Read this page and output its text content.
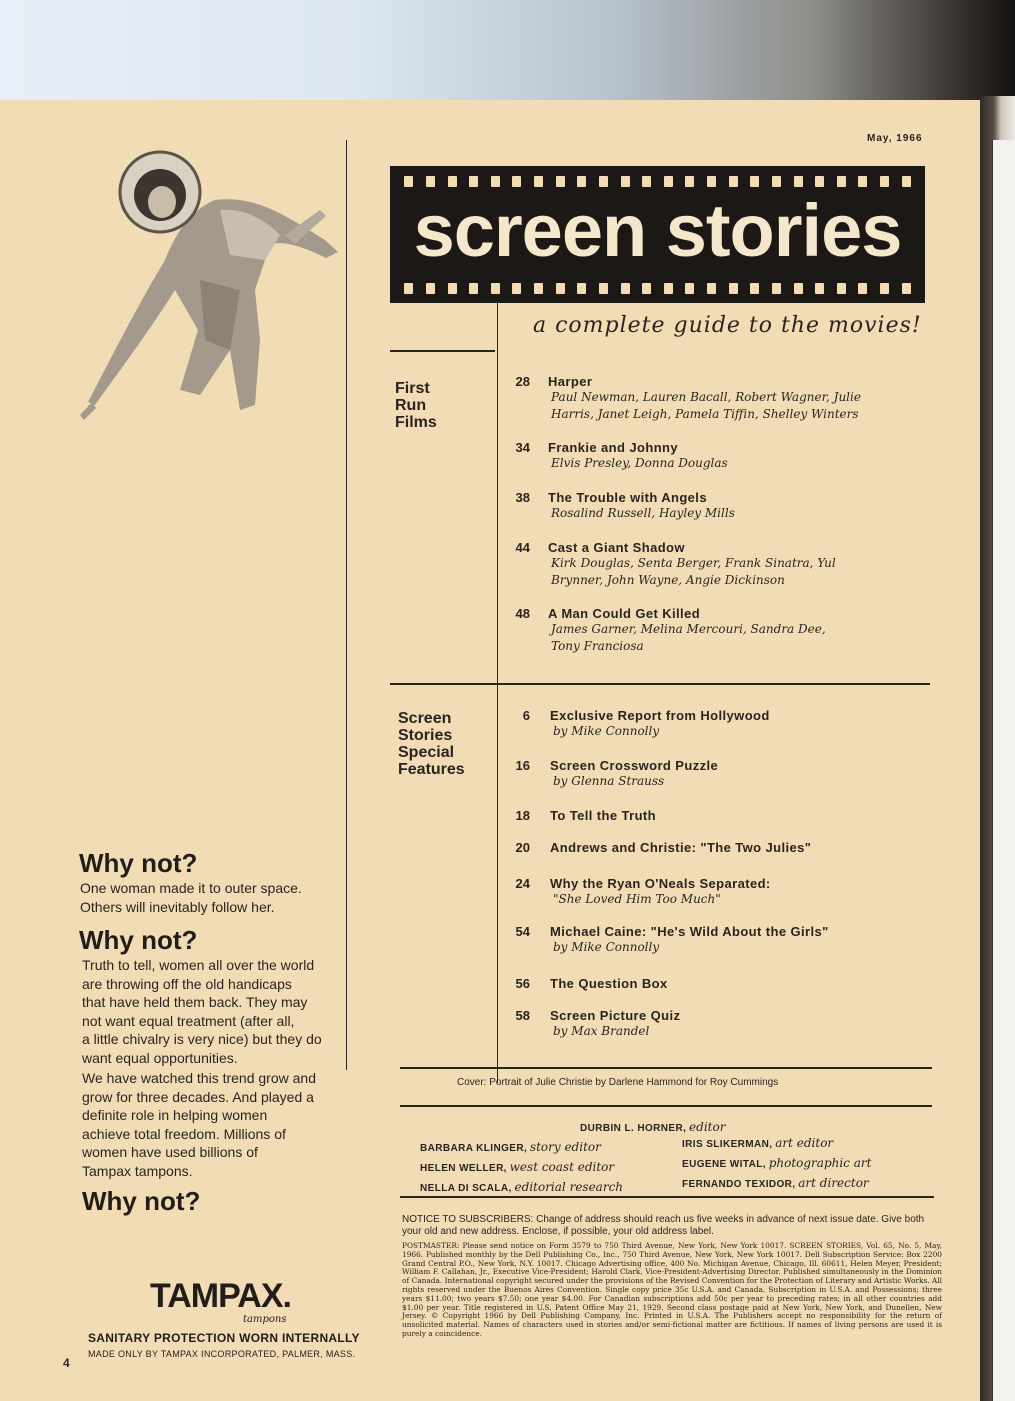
May, 1966
screen stories
a complete guide to the movies!
First
Run
Films
28 Harper
Paul Newman, Lauren Bacall, Robert Wagner, Julie
Harris, Janet Leigh, Pamela Tiffin, Shelley Winters
34 Frankie and Johnny
Elvis Presley, Donna Douglas
38 The Trouble with Angels
Rosalind Russell, Hayley Mills
44 Cast a Giant Shadow
Kirk Douglas, Senta Berger, Frank Sinatra, Yul
Brynner, John Wayne, Angie Dickinson
48 A Man Could Get Killed
James Garner, Melina Mercouri, Sandra Dee,
Tony Franciosa
Screen
Stories
Special
Features
6 Exclusive Report from Hollywood
by Mike Connolly
16 Screen Crossword Puzzle
by Glenna Strauss
18 To Tell the Truth
20 Andrews and Christie: "The Two Julies"
24 Why the Ryan O'Neals Separated:
"She Loved Him Too Much"
54 Michael Caine: "He's Wild About the Girls"
by Mike Connolly
56 The Question Box
58 Screen Picture Quiz
by Max Brandel
Cover: Portrait of Julie Christie by Darlene Hammond for Roy Cummings
DURBIN L. HORNER, editor
BARBARA KLINGER, story editor
HELEN WELLER, west coast editor
NELLA DI SCALA, editorial research
IRIS SLIKERMAN, art editor
EUGENE WITAL, photographic art
FERNANDO TEXIDOR, art director
NOTICE TO SUBSCRIBERS: Change of address should reach us five weeks in advance of next issue date. Give both your old and new address. Enclose, if possible, your old address label.
POSTMASTER: Please send notice on Form 3579 to 750 Third Avenue, New York, New York 10017. SCREEN STORIES, Vol. 65, No. 5, May, 1966. Published monthly by the Dell Publishing Co., Inc., 750 Third Avenue, New York, New York 10017. Dell Subscription Service: Box 2200 Grand Central P.O., New York, N.Y. 10017. Chicago Advertising office, 400 No. Michigan Avenue, Chicago, Ill. 60611, Helen Meyer, President; William F. Callahan, Jr., Executive Vice-President; Harold Clark, Vice-President-Advertising Director. Published simultaneously in the Dominion of Canada. International copyright secured under the provisions of the Revised Convention for the Protection of Literary and Artistic Works. All rights reserved under the Buenos Aires Convention. Single copy price 35c U.S.A. and Canada. Subscription in U.S.A. and Possessions; three years $11.00; two years $7.50; one year $4.00. For Canadian subscriptions add 50c per year to preceding rates; in all other countries add $1.00 per year. Title registered in U.S. Patent Office May 21, 1929. Second class postage paid at New York, New York, and Dunellen, New Jersey. © Copyright 1966 by Dell Publishing Company, Inc. Printed in U.S.A. The Publishers accept no responsibility for the return of unsolicited material. Names of characters used in stories and/or semi-fictional matter are fictitious. If names of living persons are used it is purely a coincidence.
Why not?
One woman made it to outer space.
Others will inevitably follow her.
Why not?
Truth to tell, women all over the world
are throwing off the old handicaps
that have held them back. They may
not want equal treatment (after all,
a little chivalry is very nice) but they do
want equal opportunities.
We have watched this trend grow and
grow for three decades. And played a
definite role in helping women
achieve total freedom. Millions of
women have used billions of
Tampax tampons.
Why not?
TAMPAX.
tampons
SANITARY PROTECTION WORN INTERNALLY
MADE ONLY BY TAMPAX INCORPORATED, PALMER, MASS.
4
